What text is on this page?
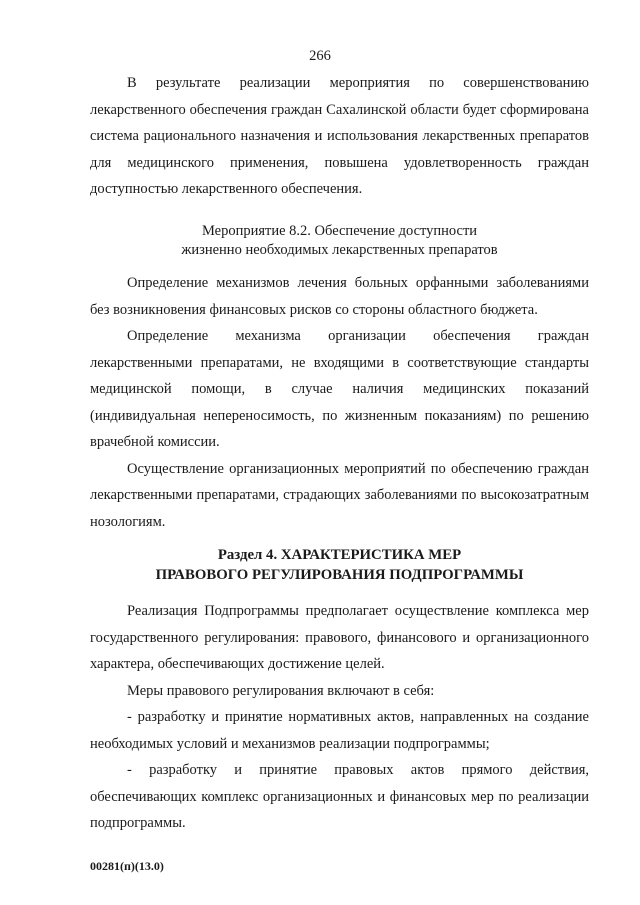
266

В результате реализации мероприятия по совершенствованию лекарственного обеспечения граждан Сахалинской области будет сформирована система рационального назначения и использования лекарственных препаратов для медицинского применения, повышена удовлетворенность граждан доступностью лекарственного обеспечения.

Мероприятие 8.2. Обеспечение доступности
жизненно необходимых лекарственных препаратов

Определение механизмов лечения больных орфанными заболеваниями без возникновения финансовых рисков со стороны областного бюджета.

Определение механизма организации обеспечения граждан лекарственными препаратами, не входящими в соответствующие стандарты медицинской помощи, в случае наличия медицинских показаний (индивидуальная непереносимость, по жизненным показаниям) по решению врачебной комиссии.

Осуществление организационных мероприятий по обеспечению граждан лекарственными препаратами, страдающих заболеваниями по высокозатратным нозологиям.

Раздел 4. ХАРАКТЕРИСТИКА МЕР
ПРАВОВОГО РЕГУЛИРОВАНИЯ ПОДПРОГРАММЫ

Реализация Подпрограммы предполагает осуществление комплекса мер государственного регулирования: правового, финансового и организационного характера, обеспечивающих достижение целей.

Меры правового регулирования включают в себя:

- разработку и принятие нормативных актов, направленных на создание необходимых условий и механизмов реализации подпрограммы;

- разработку и принятие правовых актов прямого действия, обеспечивающих комплекс организационных и финансовых мер по реализации подпрограммы.

00281(п)(13.0)
